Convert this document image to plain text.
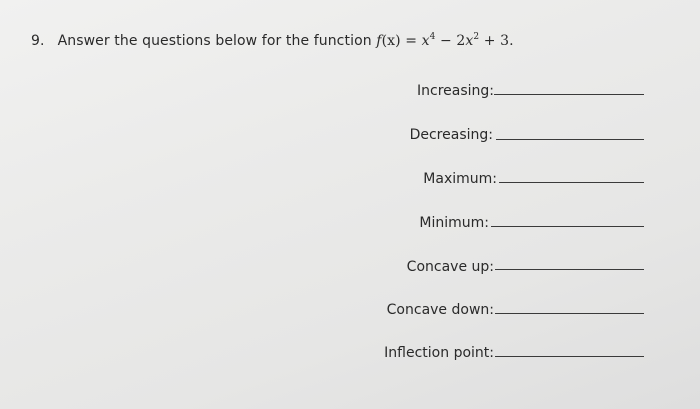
9. Answer the questions below for the function $f(x) = x^4 - 2x^2 + 3$.
Increasing:
Decreasing:
Maximum:
Minimum:
Concave up:
Concave down:
Inflection point:
